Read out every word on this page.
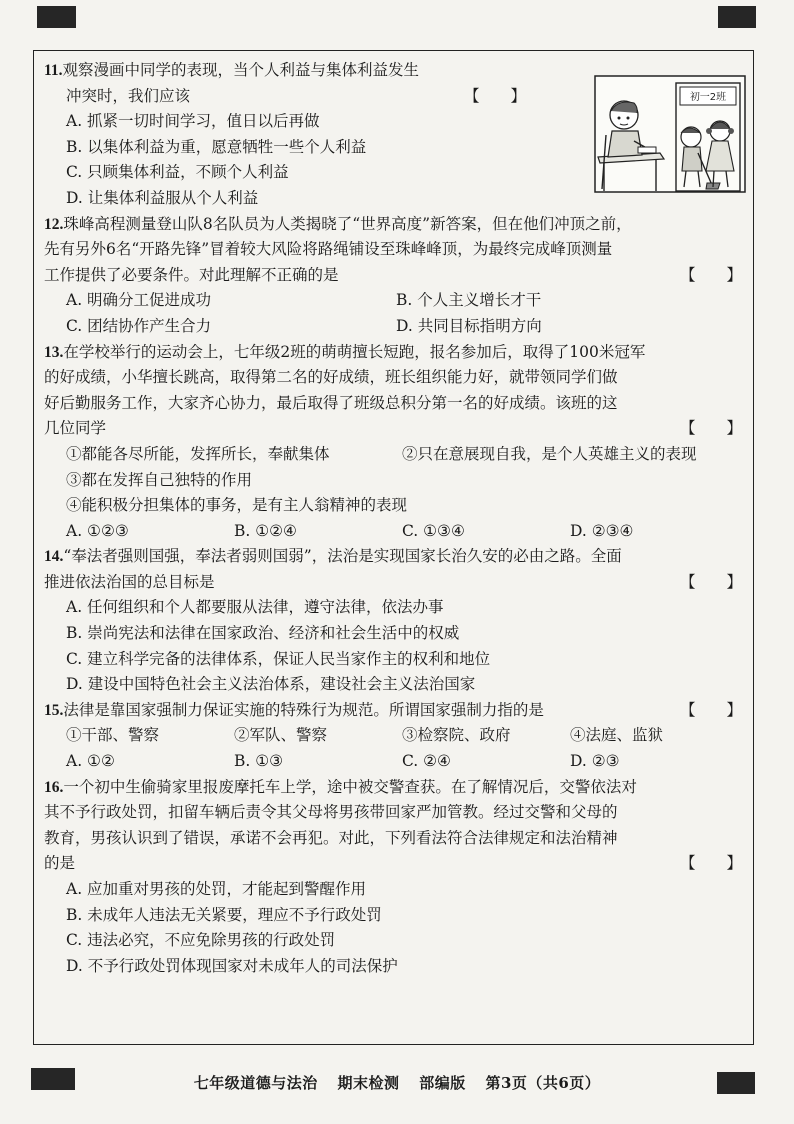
11.观察漫画中同学的表现，当个人利益与集体利益发生
冲突时，我们应该	【　　】
A. 抓紧一切时间学习，值日以后再做
B. 以集体利益为重，愿意牺牲一些个人利益
C. 只顾集体利益，不顾个人利益
D. 让集体利益服从个人利益
初一2班
12.珠峰高程测量登山队8名队员为人类揭晓了“世界高度”新答案，但在他们冲顶之前，
先有另外6名“开路先锋”冒着较大风险将路绳铺设至珠峰峰顶，为最终完成峰顶测量
工作提供了必要条件。对此理解不正确的是	【　　】
A. 明确分工促进成功	B. 个人主义增长才干
C. 团结协作产生合力	D. 共同目标指明方向
13.在学校举行的运动会上，七年级2班的萌萌擅长短跑，报名参加后，取得了100米冠军
的好成绩，小华擅长跳高，取得第二名的好成绩，班长组织能力好，就带领同学们做
好后勤服务工作，大家齐心协力，最后取得了班级总积分第一名的好成绩。该班的这
几位同学	【　　】
①都能各尽所能，发挥所长，奉献集体	②只在意展现自我，是个人英雄主义的表现
③都在发挥自己独特的作用
④能积极分担集体的事务，是有主人翁精神的表现
A. ①②③	B. ①②④	C. ①③④	D. ②③④
14.“奉法者强则国强，奉法者弱则国弱”，法治是实现国家长治久安的必由之路。全面
推进依法治国的总目标是	【　　】
A. 任何组织和个人都要服从法律，遵守法律，依法办事
B. 崇尚宪法和法律在国家政治、经济和社会生活中的权威
C. 建立科学完备的法律体系，保证人民当家作主的权利和地位
D. 建设中国特色社会主义法治体系，建设社会主义法治国家
15.法律是靠国家强制力保证实施的特殊行为规范。所谓国家强制力指的是	【　　】
①干部、警察	②军队、警察	③检察院、政府	④法庭、监狱
A. ①②	B. ①③	C. ②④	D. ②③
16.一个初中生偷骑家里报废摩托车上学，途中被交警查获。在了解情况后，交警依法对
其不予行政处罚，扣留车辆后责令其父母将男孩带回家严加管教。经过交警和父母的
教育，男孩认识到了错误，承诺不会再犯。对此，下列看法符合法律规定和法治精神
的是	【　　】
A. 应加重对男孩的处罚，才能起到警醒作用
B. 未成年人违法无关紧要，理应不予行政处罚
C. 违法必究，不应免除男孩的行政处罚
D. 不予行政处罚体现国家对未成年人的司法保护
七年级道德与法治 期末检测 部编版 第3页（共6页）
